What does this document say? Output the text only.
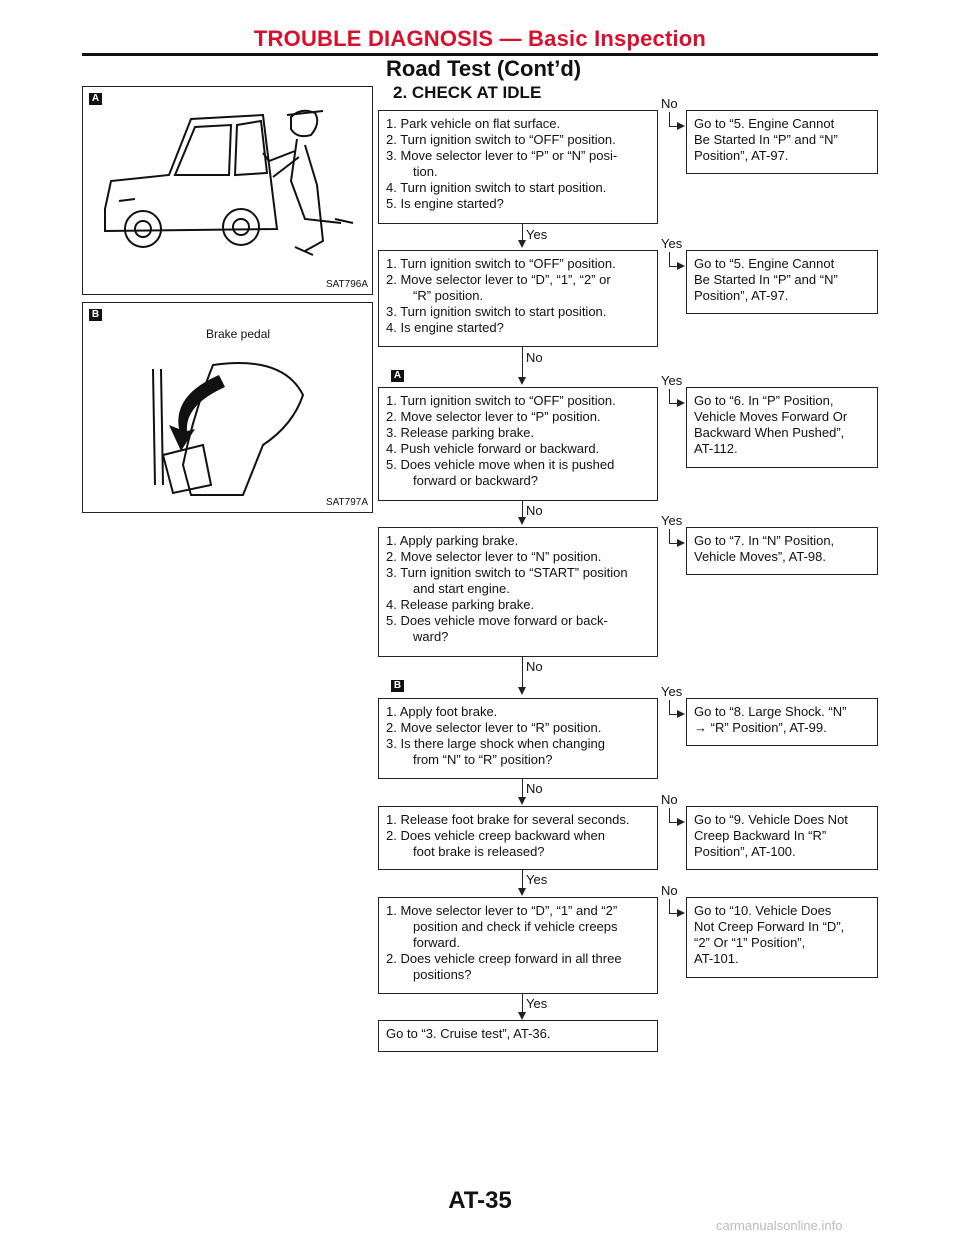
TROUBLE DIAGNOSIS — Basic Inspection
Road Test (Cont’d)
2. CHECK AT IDLE
A
SAT796A
B
Brake pedal
SAT797A
1. Park vehicle on flat surface.
2. Turn ignition switch to “OFF” position.
3. Move selector lever to “P” or “N” posi-
tion.
4. Turn ignition switch to start position.
5. Is engine started?
Yes
No
Go to “5. Engine Cannot
Be Started In “P” and “N”
Position”, AT-97.
1. Turn ignition switch to “OFF” position.
2. Move selector lever to “D”, “1”, “2” or
“R” position.
3. Turn ignition switch to start position.
4. Is engine started?
No
Yes
Go to “5. Engine Cannot
Be Started In “P” and “N”
Position”, AT-97.
A
1. Turn ignition switch to “OFF” position.
2. Move selector lever to “P” position.
3. Release parking brake.
4. Push vehicle forward or backward.
5. Does vehicle move when it is pushed
forward or backward?
No
Yes
Go to “6. In “P” Position,
Vehicle Moves Forward Or
Backward When Pushed”,
AT-112.
1. Apply parking brake.
2. Move selector lever to “N” position.
3. Turn ignition switch to “START” position
and start engine.
4. Release parking brake.
5. Does vehicle move forward or back-
ward?
No
Yes
Go to “7. In “N” Position,
Vehicle Moves”, AT-98.
B
1. Apply foot brake.
2. Move selector lever to “R” position.
3. Is there large shock when changing
from “N” to “R” position?
No
Yes
Go to “8. Large Shock. “N”
→ “R” Position”, AT-99.
1. Release foot brake for several seconds.
2. Does vehicle creep backward when
foot brake is released?
Yes
No
Go to “9. Vehicle Does Not
Creep Backward In “R”
Position”, AT-100.
1. Move selector lever to “D”, “1” and “2”
position and check if vehicle creeps
forward.
2. Does vehicle creep forward in all three
positions?
Yes
No
Go to “10. Vehicle Does
Not Creep Forward In “D”,
“2” Or “1” Position”,
AT-101.
Go to “3. Cruise test”, AT-36.
AT-35
carmanualsonline.info
